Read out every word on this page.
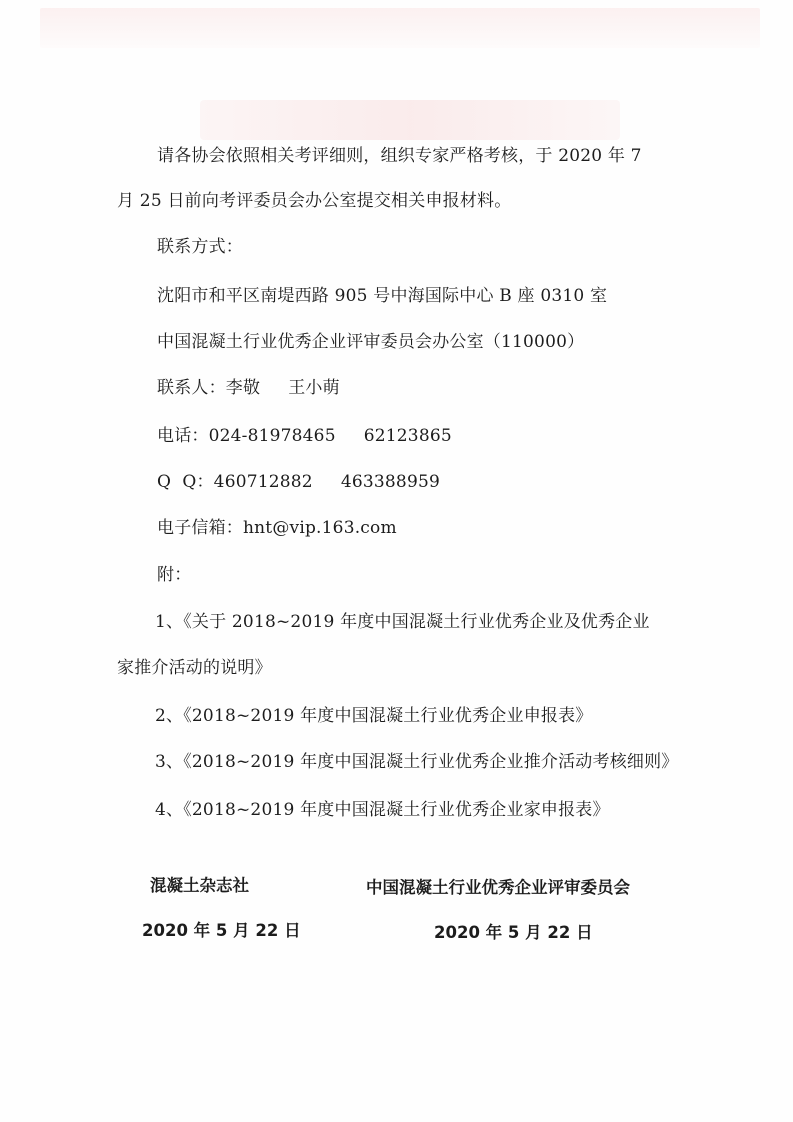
请各协会依照相关考评细则，组织专家严格考核，于 2020 年 7
月 25 日前向考评委员会办公室提交相关申报材料。
联系方式：
沈阳市和平区南堤西路 905 号中海国际中心 B 座 0310 室
中国混凝土行业优秀企业评审委员会办公室（110000）
联系人：李敬     王小萌
电话：024-81978465     62123865
Q  Q：460712882     463388959
电子信箱：hnt@vip.163.com
附：
1、《关于 2018~2019 年度中国混凝土行业优秀企业及优秀企业
家推介活动的说明》
2、《2018~2019 年度中国混凝土行业优秀企业申报表》
3、《2018~2019 年度中国混凝土行业优秀企业推介活动考核细则》
4、《2018~2019 年度中国混凝土行业优秀企业家申报表》
混凝土杂志社
2020 年 5 月 22 日
中国混凝土行业优秀企业评审委员会
2020 年 5 月 22 日
